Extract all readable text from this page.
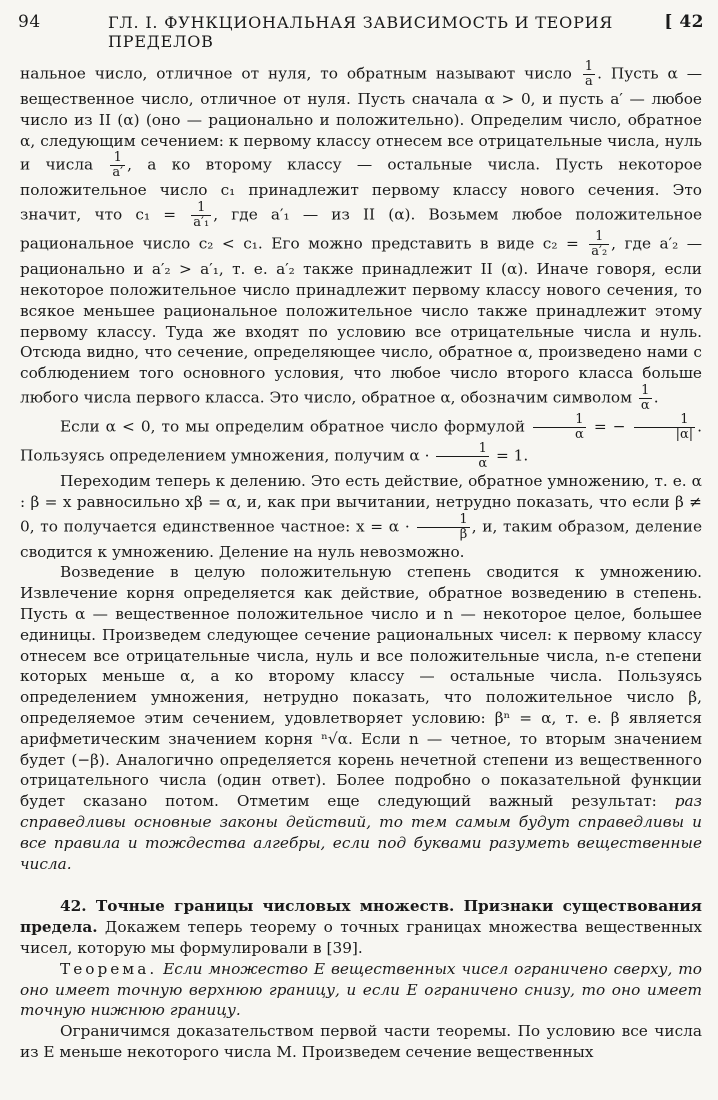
94	ГЛ. I. ФУНКЦИОНАЛЬНАЯ ЗАВИСИМОСТЬ И ТЕОРИЯ ПРЕДЕЛОВ
[ 42

нальное число, отличное от нуля, то обратным называют число $\frac{1}{a}$ . Пусть α — вещественное число, отличное от нуля. Пусть сначала α > 0, и пусть a′ — любое число из II (α) (оно — рационально и положительно). Определим число, обратное α, следующим сечением: к первому классу отнесем все отрицательные числа, нуль и числа $\frac{1}{a'}$ , а ко второму классу — остальные числа. Пусть некоторое положительное число c₁ принадлежит первому классу нового сечения. Это значит, что $c_1 = \frac{1}{\text{a′₁}}$ , где a′₁ — из II (α). Возьмем любое положительное рациональное число c₂ < c₁. Его можно представить в виде $c_2 = \frac{1}{\text{a′₂}}$ , где a′₂ — рационально и a′₂ > a′₁, т. е. a′₂ также принадлежит II (α). Иначе говоря, если некоторое положительное число принадлежит первому классу нового сечения, то всякое меньшее рациональное положительное число также принадлежит этому первому классу. Туда же входят по условию все отрицательные числа и нуль. Отсюда видно, что сечение, определяющее число, обратное α, произведено нами с соблюдением того основного условия, что любое число второго класса больше любого числа первого класса. Это число, обратное α, обозначим символом $\frac{1}{\alpha}$ .

Если α < 0, то мы определим обратное число формулой $\frac{1}{\alpha}$ = − $\frac{1}{|\alpha|}$ . Пользуясь определением умножения, получим $\alpha \cdot \frac{1}{\alpha} = 1$.

Переходим теперь к делению. Это есть действие, обратное умножению, т. е. α : β = x равносильно xβ = α, и, как при вычитании, нетрудно показать, что если β ≠ 0, то получается единственное частное: $x = \alpha \cdot \frac{1}{\beta}$ , и, таким образом, деление сводится к умножению. Деление на нуль невозможно.

Возведение в целую положительную степень сводится к умножению. Извлечение корня определяется как действие, обратное возведению в степень. Пусть α — вещественное положительное число и n — некоторое целое, большее единицы. Произведем следующее сечение рациональных чисел: к первому классу отнесем все отрицательные числа, нуль и все положительные числа, n-е степени которых меньше α, а ко второму классу — остальные числа. Пользуясь определением умножения, нетрудно показать, что положительное число β, определяемое этим сечением, удовлетворяет условию: βⁿ = α, т. е. β является арифметическим значением корня ⁿ√α. Если n — четное, то вторым значением будет (−β). Аналогично определяется корень нечетной степени из вещественного отрицательного числа (один ответ). Более подробно о показательной функции будет сказано потом. Отметим еще следующий важный результат: раз справедливы основные законы действий, то тем самым будут справедливы и все правила и тождества алгебры, если под буквами разуметь вещественные числа.

42. Точные границы числовых множеств. Признаки существования предела. Докажем теперь теорему о точных границах множества вещественных чисел, которую мы формулировали в [39].

Теорема. Если множество E вещественных чисел ограничено сверху, то оно имеет точную верхнюю границу, и если E ограничено снизу, то оно имеет точную нижнюю границу.

Ограничимся доказательством первой части теоремы. По условию все числа из E меньше некоторого числа M. Произведем сечение вещественных
